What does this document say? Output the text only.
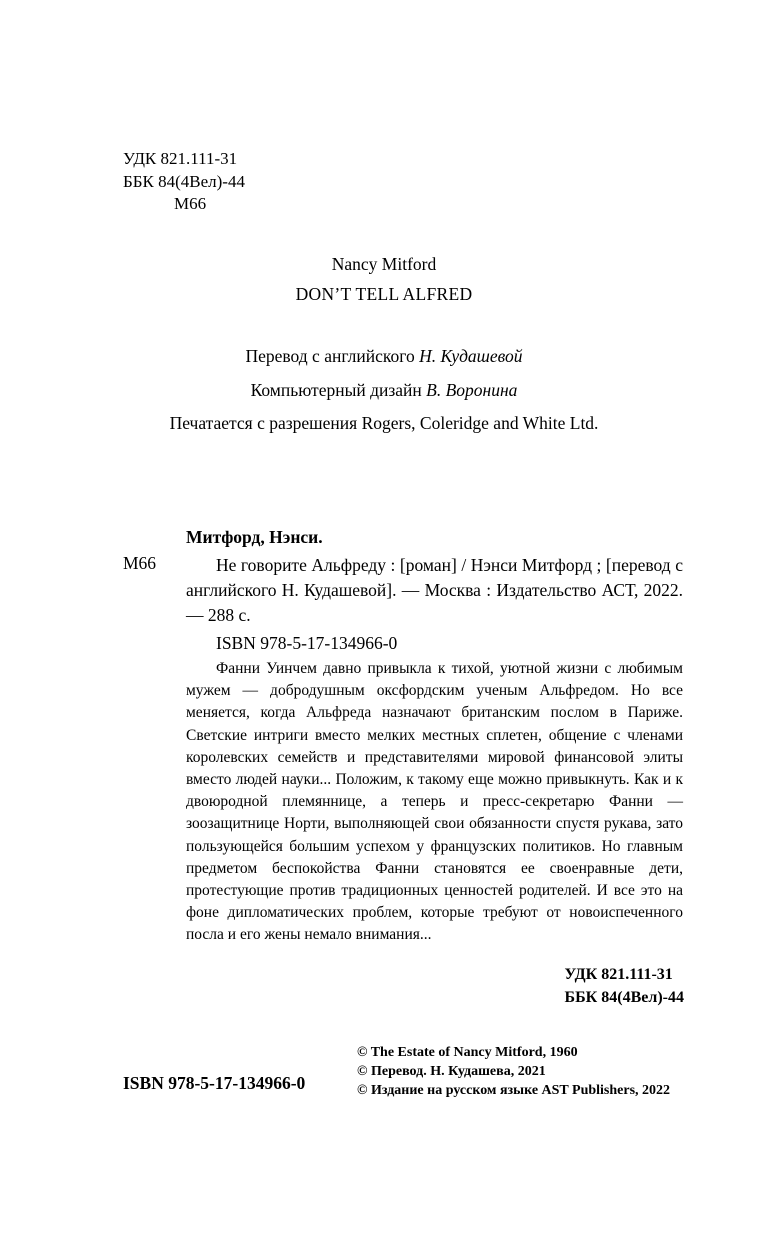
УДК 821.111-31
ББК 84(4Вел)-44
М66
Nancy Mitford
DON’T TELL ALFRED
Перевод с английского Н. Кудашевой
Компьютерный дизайн В. Воронина
Печатается с разрешения Rogers, Coleridge and White Ltd.
Митфорд, Нэнси.
М66	Не говорите Альфреду : [роман] / Нэнси Митфорд ; [перевод с английского Н. Кудашевой]. — Москва : Издательство АСТ, 2022. — 288 с.
ISBN 978-5-17-134966-0
Фанни Уинчем давно привыкла к тихой, уютной жизни с любимым мужем — добродушным оксфордским ученым Альфредом. Но все меняется, когда Альфреда назначают британским послом в Париже. Светские интриги вместо мелких местных сплетен, общение с членами королевских семейств и представителями мировой финансовой элиты вместо людей науки... Положим, к такому еще можно привыкнуть. Как и к двоюродной племяннице, а теперь и пресс-секретарю Фанни — зоозащитнице Норти, выполняющей свои обязанности спустя рукава, зато пользующейся большим успехом у французских политиков. Но главным предметом беспокойства Фанни становятся ее своенравные дети, протестующие против традиционных ценностей родителей. И все это на фоне дипломатических проблем, которые требуют от новоиспеченного посла и его жены немало внимания...
УДК 821.111-31
ББК 84(4Вел)-44
ISBN 978-5-17-134966-0
© The Estate of Nancy Mitford, 1960
© Перевод. Н. Кудашева, 2021
© Издание на русском языке AST Publishers, 2022
